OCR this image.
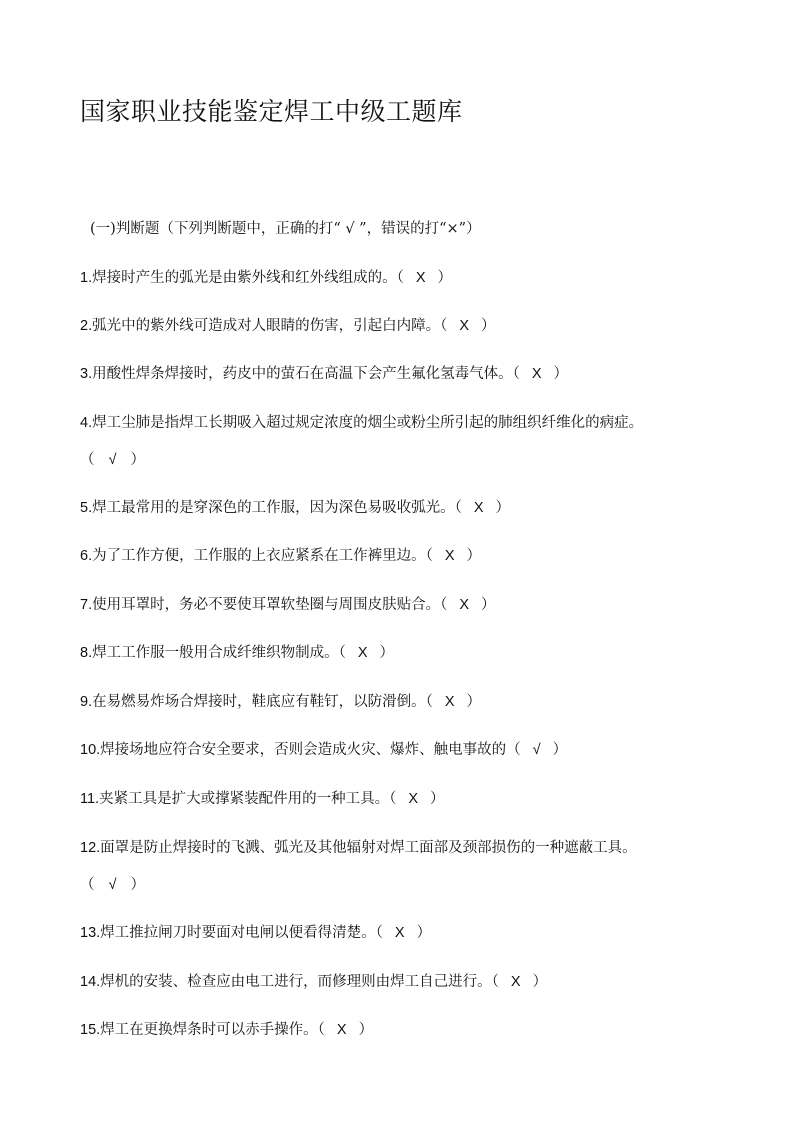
国家职业技能鉴定焊工中级工题库
(一)判断题（下列判断题中，正确的打“ √ ”，错误的打“×”）
1.焊接时产生的弧光是由紫外线和红外线组成的。（ X ）
2.弧光中的紫外线可造成对人眼睛的伤害，引起白内障。（ X ）
3.用酸性焊条焊接时，药皮中的萤石在高温下会产生氟化氢毒气体。（ X ）
4.焊工尘肺是指焊工长期吸入超过规定浓度的烟尘或粉尘所引起的肺组织纤维化的病症。
（ √ ）
5.焊工最常用的是穿深色的工作服，因为深色易吸收弧光。（ X ）
6.为了工作方便，工作服的上衣应紧系在工作裤里边。（ X ）
7.使用耳罩时，务必不要使耳罩软垫圈与周围皮肤贴合。（ X ）
8.焊工工作服一般用合成纤维织物制成。（ X ）
9.在易燃易炸场合焊接时，鞋底应有鞋钉，以防滑倒。（ X ）
10.焊接场地应符合安全要求，否则会造成火灾、爆炸、触电事故的（ √ ）
11.夹紧工具是扩大或撑紧装配件用的一种工具。（ X ）
12.面罩是防止焊接时的飞溅、弧光及其他辐射对焊工面部及颈部损伤的一种遮蔽工具。
（ √ ）
13.焊工推拉闸刀时要面对电闸以便看得清楚。（ X ）
14.焊机的安装、检查应由电工进行，而修理则由焊工自己进行。（ X ）
15.焊工在更换焊条时可以赤手操作。（ X ）
